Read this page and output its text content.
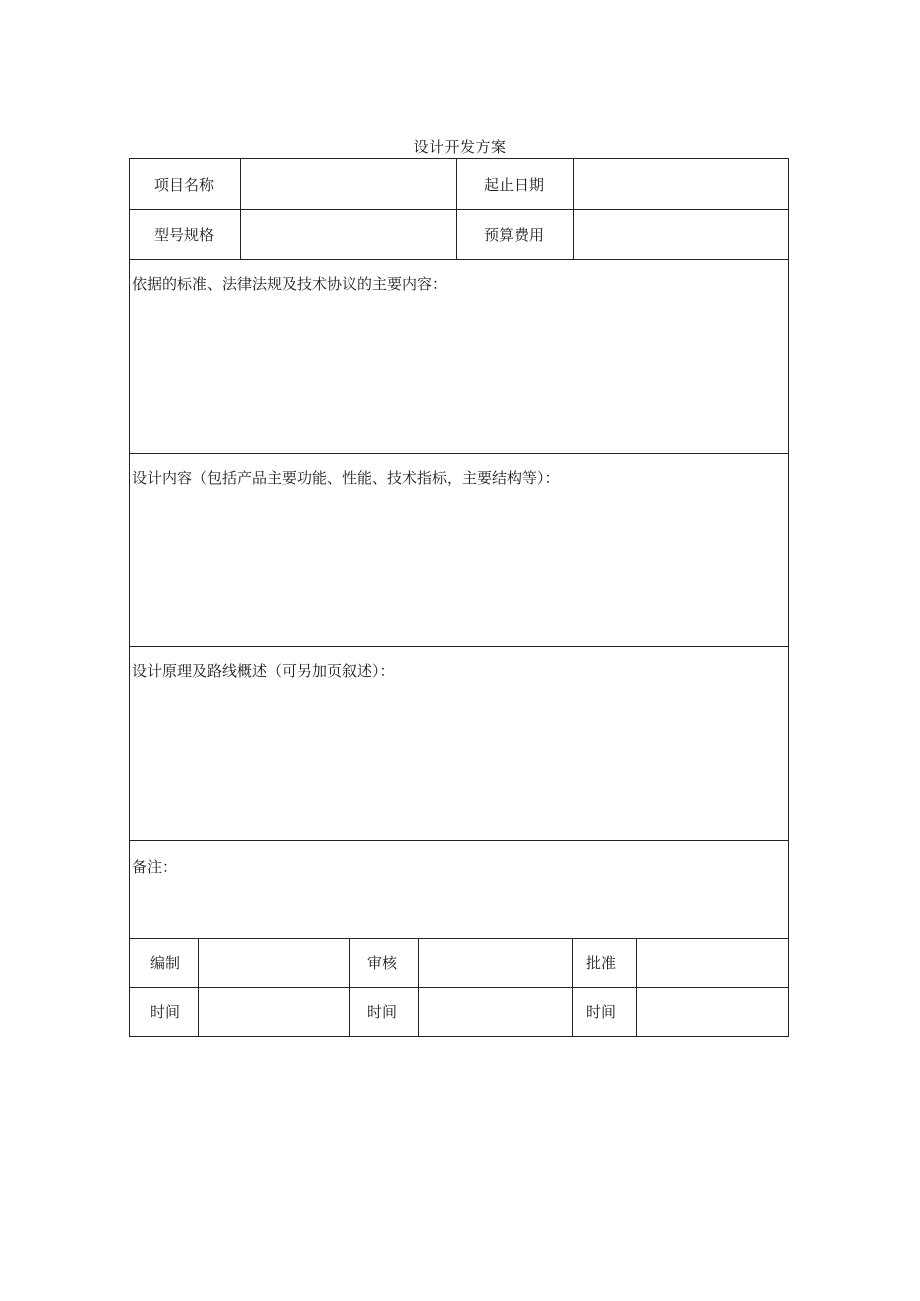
设计开发方案
项目名称	起止日期
型号规格	预算费用
依据的标准、法律法规及技术协议的主要内容：
设计内容（包括产品主要功能、性能、技术指标，主要结构等）：
设计原理及路线概述（可另加页叙述）：
备注：
编制	审核	批准
时间	时间	时间
